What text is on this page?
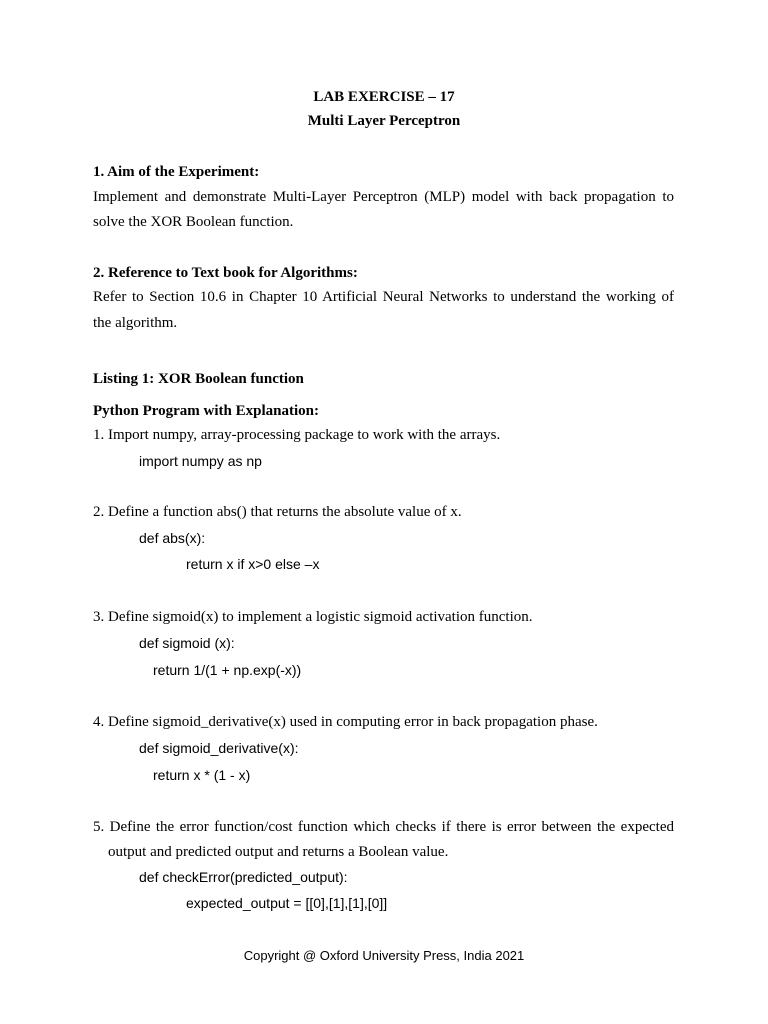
LAB EXERCISE – 17
Multi Layer Perceptron
1. Aim of the Experiment:
Implement and demonstrate Multi-Layer Perceptron (MLP) model with back propagation to
solve the XOR Boolean function.
2. Reference to Text book for Algorithms:
Refer to Section 10.6 in Chapter 10 Artificial Neural Networks to understand the working of
the algorithm.
Listing 1: XOR Boolean function
Python Program with Explanation:
1. Import numpy, array-processing package to work with the arrays.
import numpy as np
2. Define a function abs() that returns the absolute value of x.
def abs(x):
return x if x>0 else –x
3. Define sigmoid(x) to implement a logistic sigmoid activation function.
def sigmoid (x):
return 1/(1 + np.exp(-x))
4. Define sigmoid_derivative(x) used in computing error in back propagation phase.
def sigmoid_derivative(x):
return x * (1 - x)
5. Define the error function/cost function which checks if there is error between the expected
output and predicted output and returns a Boolean value.
def checkError(predicted_output):
expected_output = [[0],[1],[1],[0]]
Copyright @ Oxford University Press, India 2021
